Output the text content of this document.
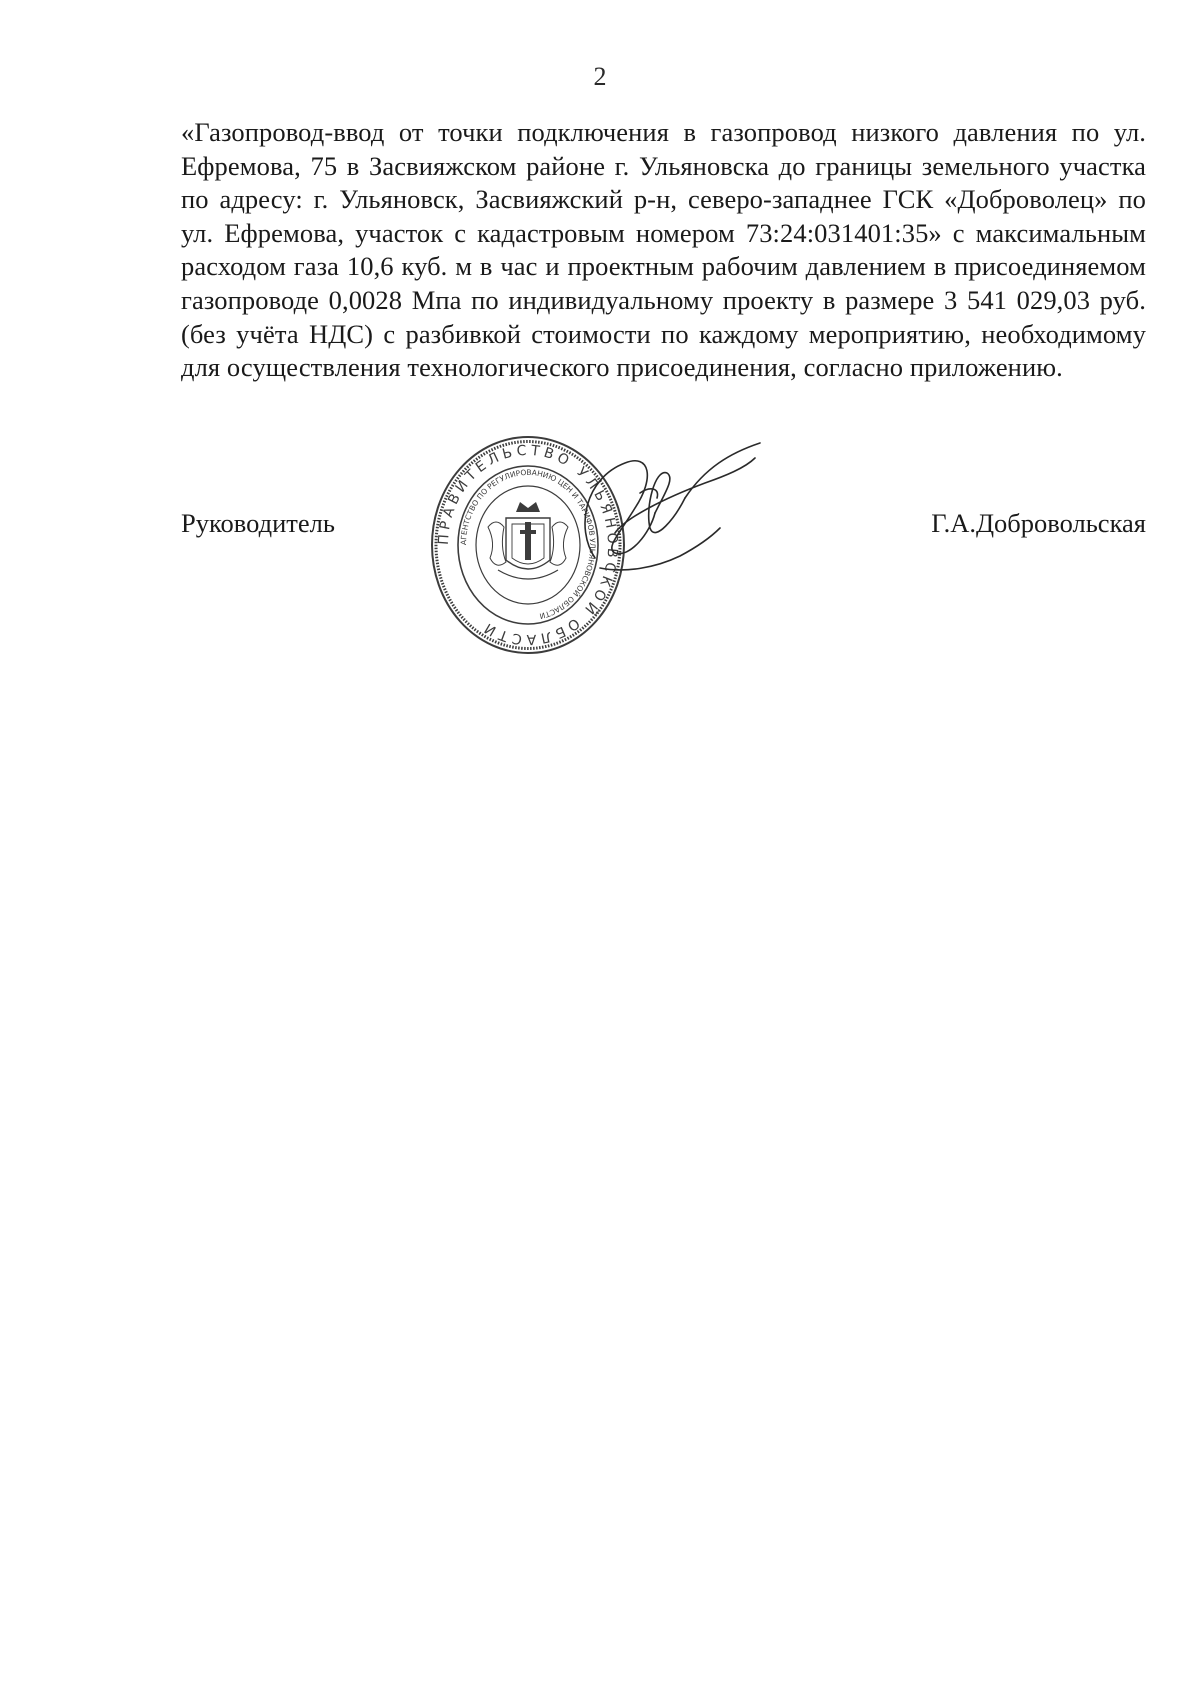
2
«Газопровод-ввод от точки подключения в газопровод низкого давления по ул. Ефремова, 75 в Засвияжском районе г. Ульяновска до границы земельного участка по адресу: г. Ульяновск, Засвияжский р-н, северо-западнее ГСК «Доброволец» по ул. Ефремова, участок с кадастровым номером 73:24:031401:35» с максимальным расходом газа 10,6 куб. м в час и проектным рабочим давлением в присоединяемом газопроводе 0,0028 Мпа по индивидуальному проекту в размере 3 541 029,03 руб. (без учёта НДС) с разбивкой стоимости по каждому мероприятию, необходимому для осуществления технологического присоединения, согласно приложению.
Руководитель	Г.А.Добровольская
ПРАВИТЕЛЬСТВО УЛЬЯНОВСКОЙ ОБЛАСТИ
АГЕНТСТВО ПО РЕГУЛИРОВАНИЮ ЦЕН И ТАРИФОВ УЛЬЯНОВСКОЙ ОБЛАСТИ
